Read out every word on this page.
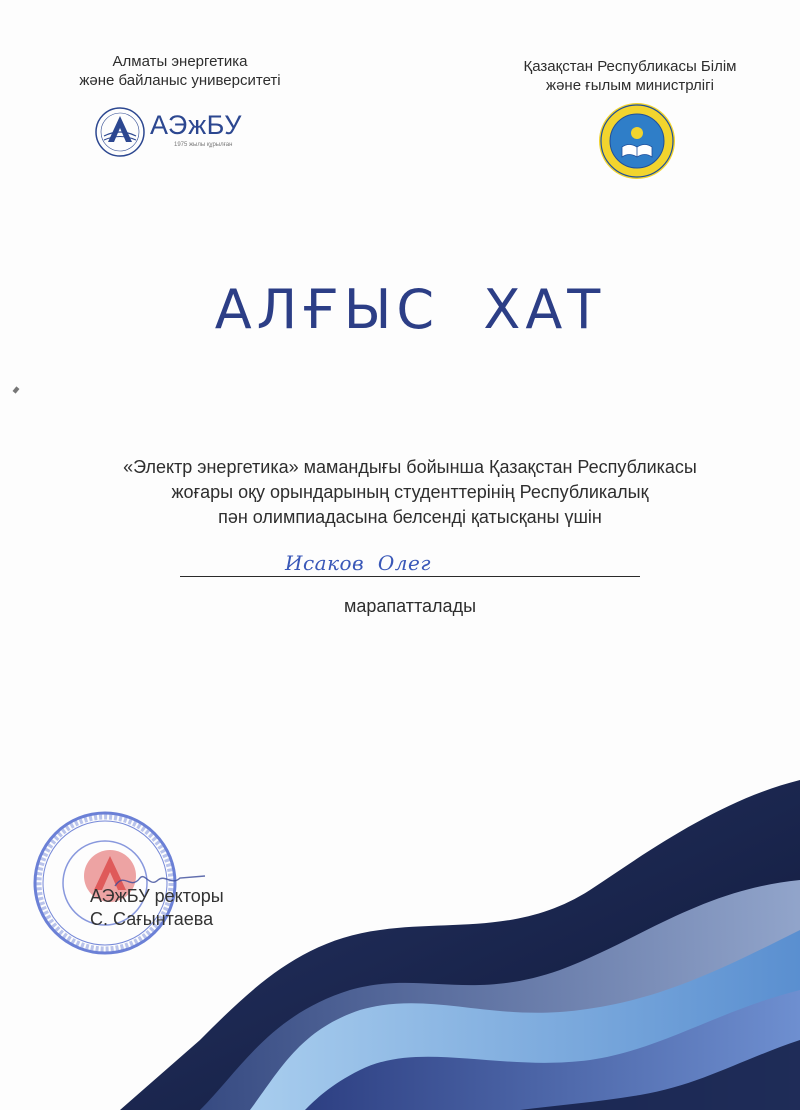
Алматы энергетика
және байланыс университеті
АЭжБУ
1975 жылы құрылған
Қазақстан Республикасы Білім
және ғылым министрлігі
АЛҒЫС  ХАТ
«Электр энергетика» мамандығы бойынша Қазақстан Республикасы
жоғары оқу орындарының студенттерінің Республикалық
пән олимпиадасына белсенді қатысқаны үшін
Исаков  Олег
марапатталады
АЭжБУ ректоры
С. Сағынтаева
